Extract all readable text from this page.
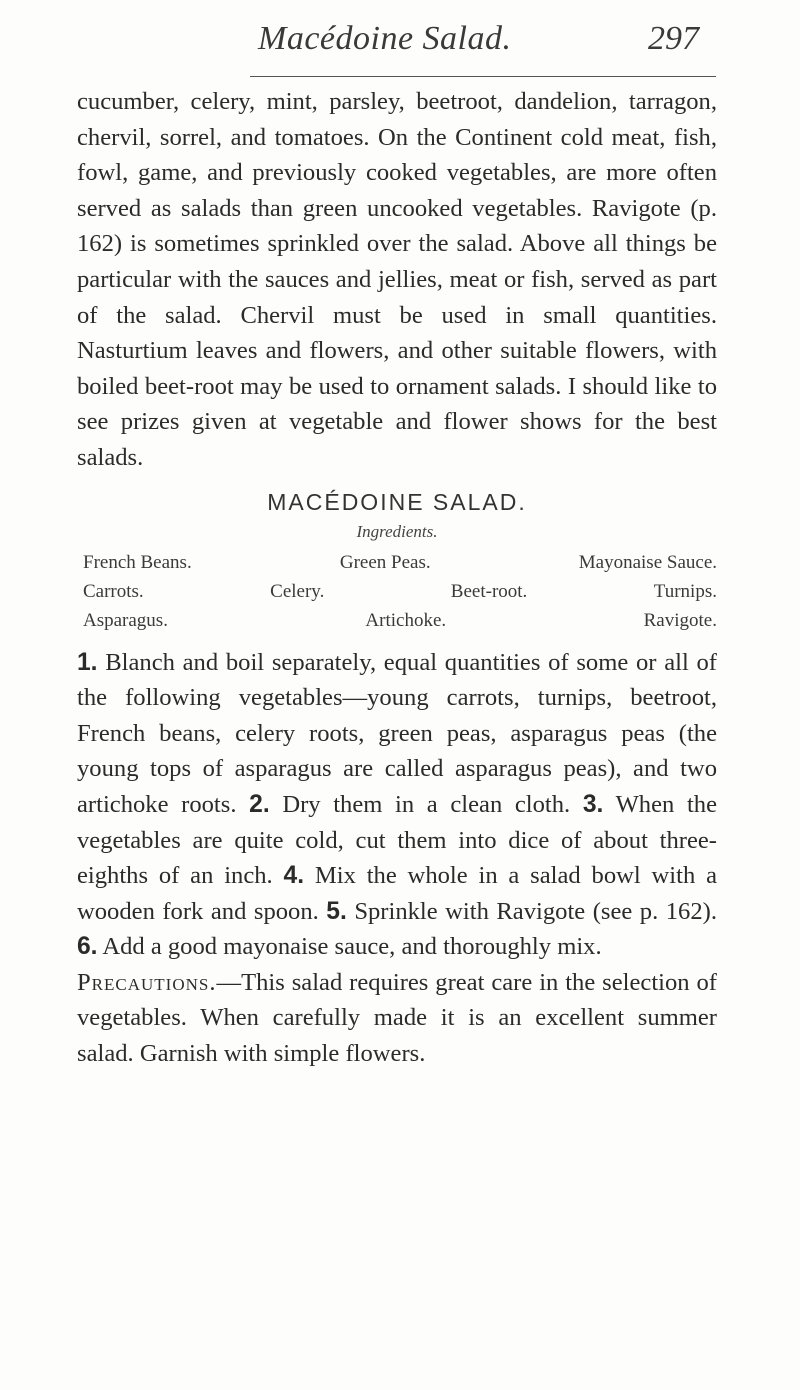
Macédoine Salad.	297

cucumber, celery, mint, parsley, beetroot, dandelion, tarragon, chervil, sorrel, and tomatoes. On the Continent cold meat, fish, fowl, game, and previously cooked vegetables, are more often served as salads than green uncooked vegetables. Ravigote (p. 162) is sometimes sprinkled over the salad. Above all things be particular with the sauces and jellies, meat or fish, served as part of the salad. Chervil must be used in small quantities. Nasturtium leaves and flowers, and other suitable flowers, with boiled beet-root may be used to ornament salads. I should like to see prizes given at vegetable and flower shows for the best salads.

MACÉDOINE SALAD.
Ingredients.
French Beans.	Green Peas.	Mayonaise Sauce.
Carrots.	Celery.	Beet-root.	Turnips.
Asparagus.	Artichoke.	Ravigote.

1. Blanch and boil separately, equal quantities of some or all of the following vegetables—young carrots, turnips, beetroot, French beans, celery roots, green peas, asparagus peas (the young tops of asparagus are called asparagus peas), and two artichoke roots. 2. Dry them in a clean cloth. 3. When the vegetables are quite cold, cut them into dice of about three-eighths of an inch. 4. Mix the whole in a salad bowl with a wooden fork and spoon. 5. Sprinkle with Ravigote (see p. 162). 6. Add a good mayonaise sauce, and thoroughly mix.

Precautions.—This salad requires great care in the selection of vegetables. When carefully made it is an excellent summer salad. Garnish with simple flowers.
